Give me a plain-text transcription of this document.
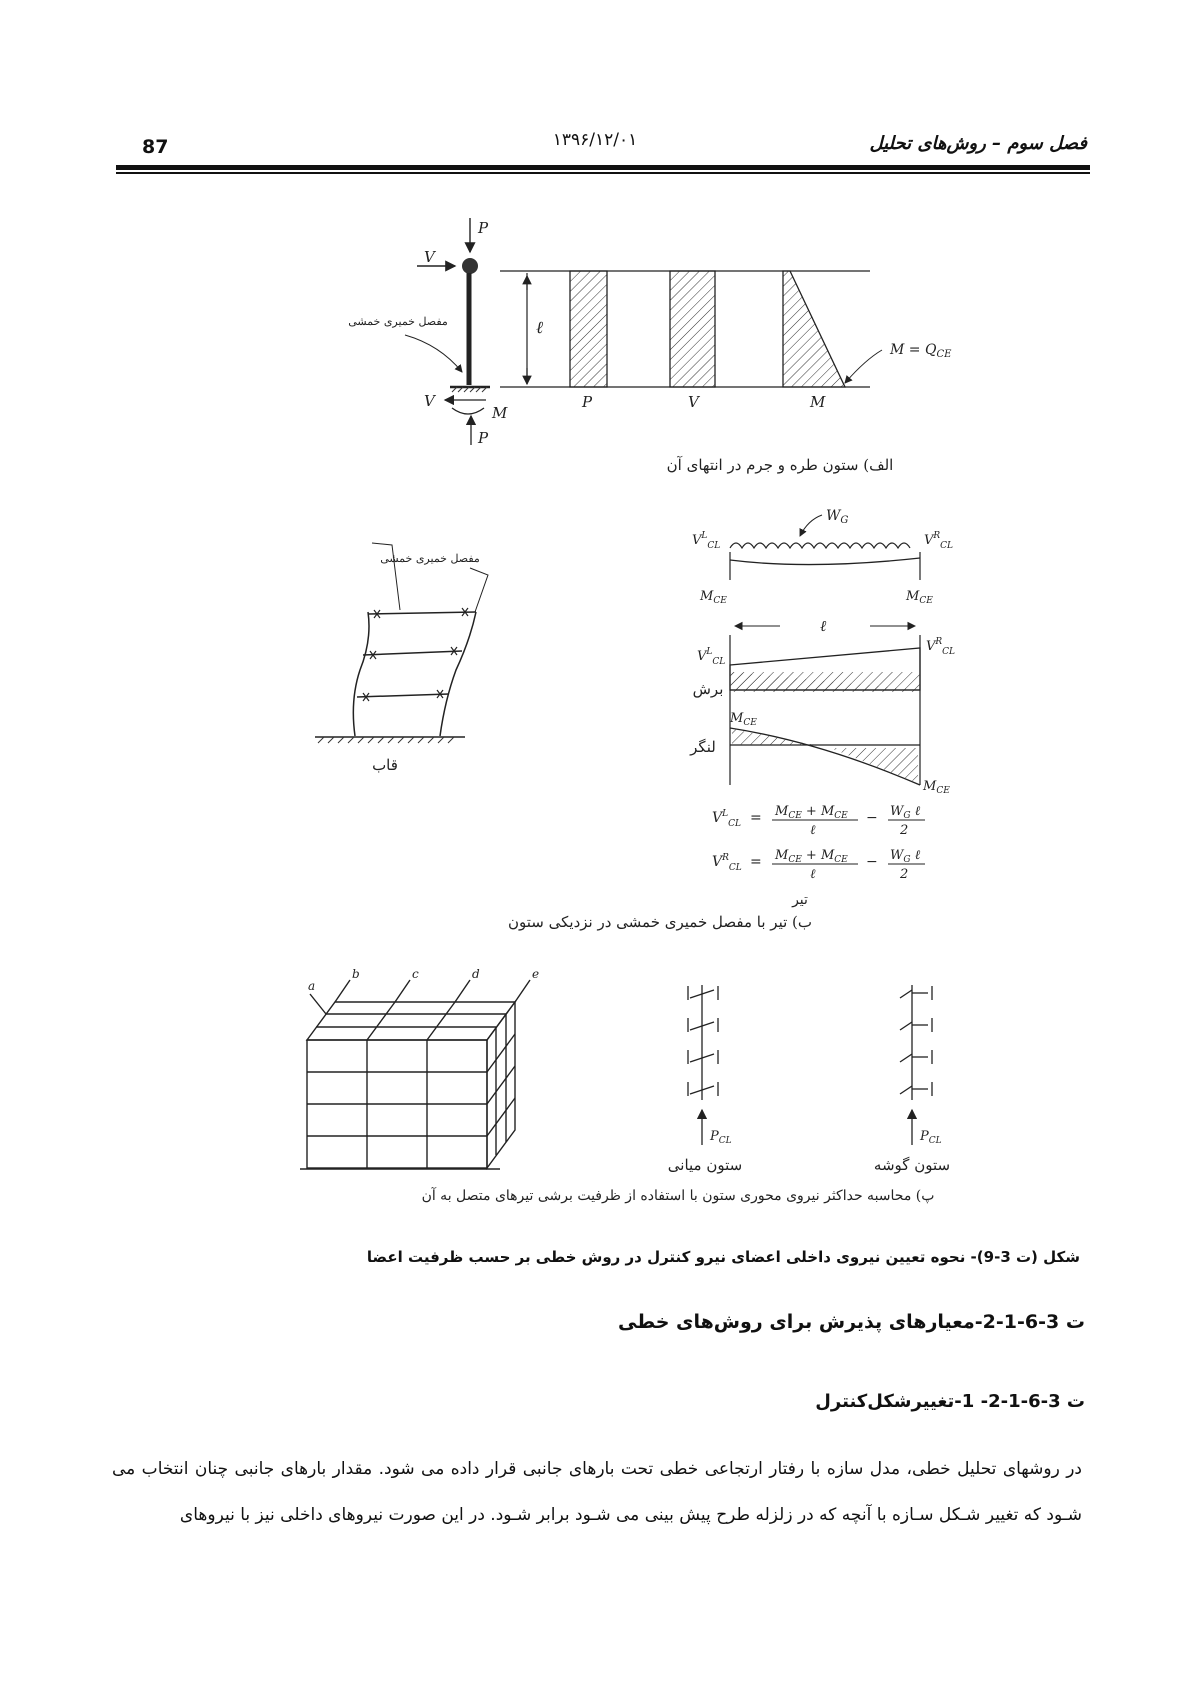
87	۱۳۹۶/۱۲/۰۱	فصل سوم – روش‌های تحلیل
P
V
V
M
P
مفصل خمیری خمشی	ℓ
P	V	M
$M = Q_{CE}$
الف) ستون طره و جرم در انتهای آن
مفصل خمیری خمشی
قاب
$W_G$
$V^L_{CL}$	$V^R_{CL}$
$M_{CE}$	$M_{CE}$
ℓ
$V^L_{CL}$
$V^R_{CL}$
برش
$M_{CE}$
$M_{CE}$
لنگر
$V^L_{CL} = M_{CE} + M_{CE}$
ℓ
− $W_G$ ℓ
2
$V^R_{CL} = M_{CE} + M_{CE}$
ℓ
− $W_G$ ℓ
2
تیر
ب) تیر با مفصل خمیری خمشی در نزدیکی ستون
a
b	c	d	e
$P_{CL}$
ستون میانی
$P_{CL}$
ستون گوشه
پ) محاسبه حداکثر نیروی محوری ستون با استفاده از ظرفیت برشی تیرهای متصل به آن
شکل (ت 3-9)- نحوه تعیین نیروی داخلی اعضای نیرو کنترل در روش خطی بر حسب ظرفیت اعضا
ت 3-6-1-2-معیارهای پذیرش برای روش‌های خطی
ت 3-6-1-2- 1-تغییرشکل‌کنترل
در روشهای تحلیل خطی، مدل سازه با رفتار ارتجاعی خطی تحت بارهای جانبی قرار داده می شود. مقدار بارهای جانبی چنان انتخاب می شـود که تغییر شـکل سـازه با آنچه که در زلزله طرح پیش بینی می شـود برابر شـود. در این صورت نیروهای داخلی نیز با نیروهای
